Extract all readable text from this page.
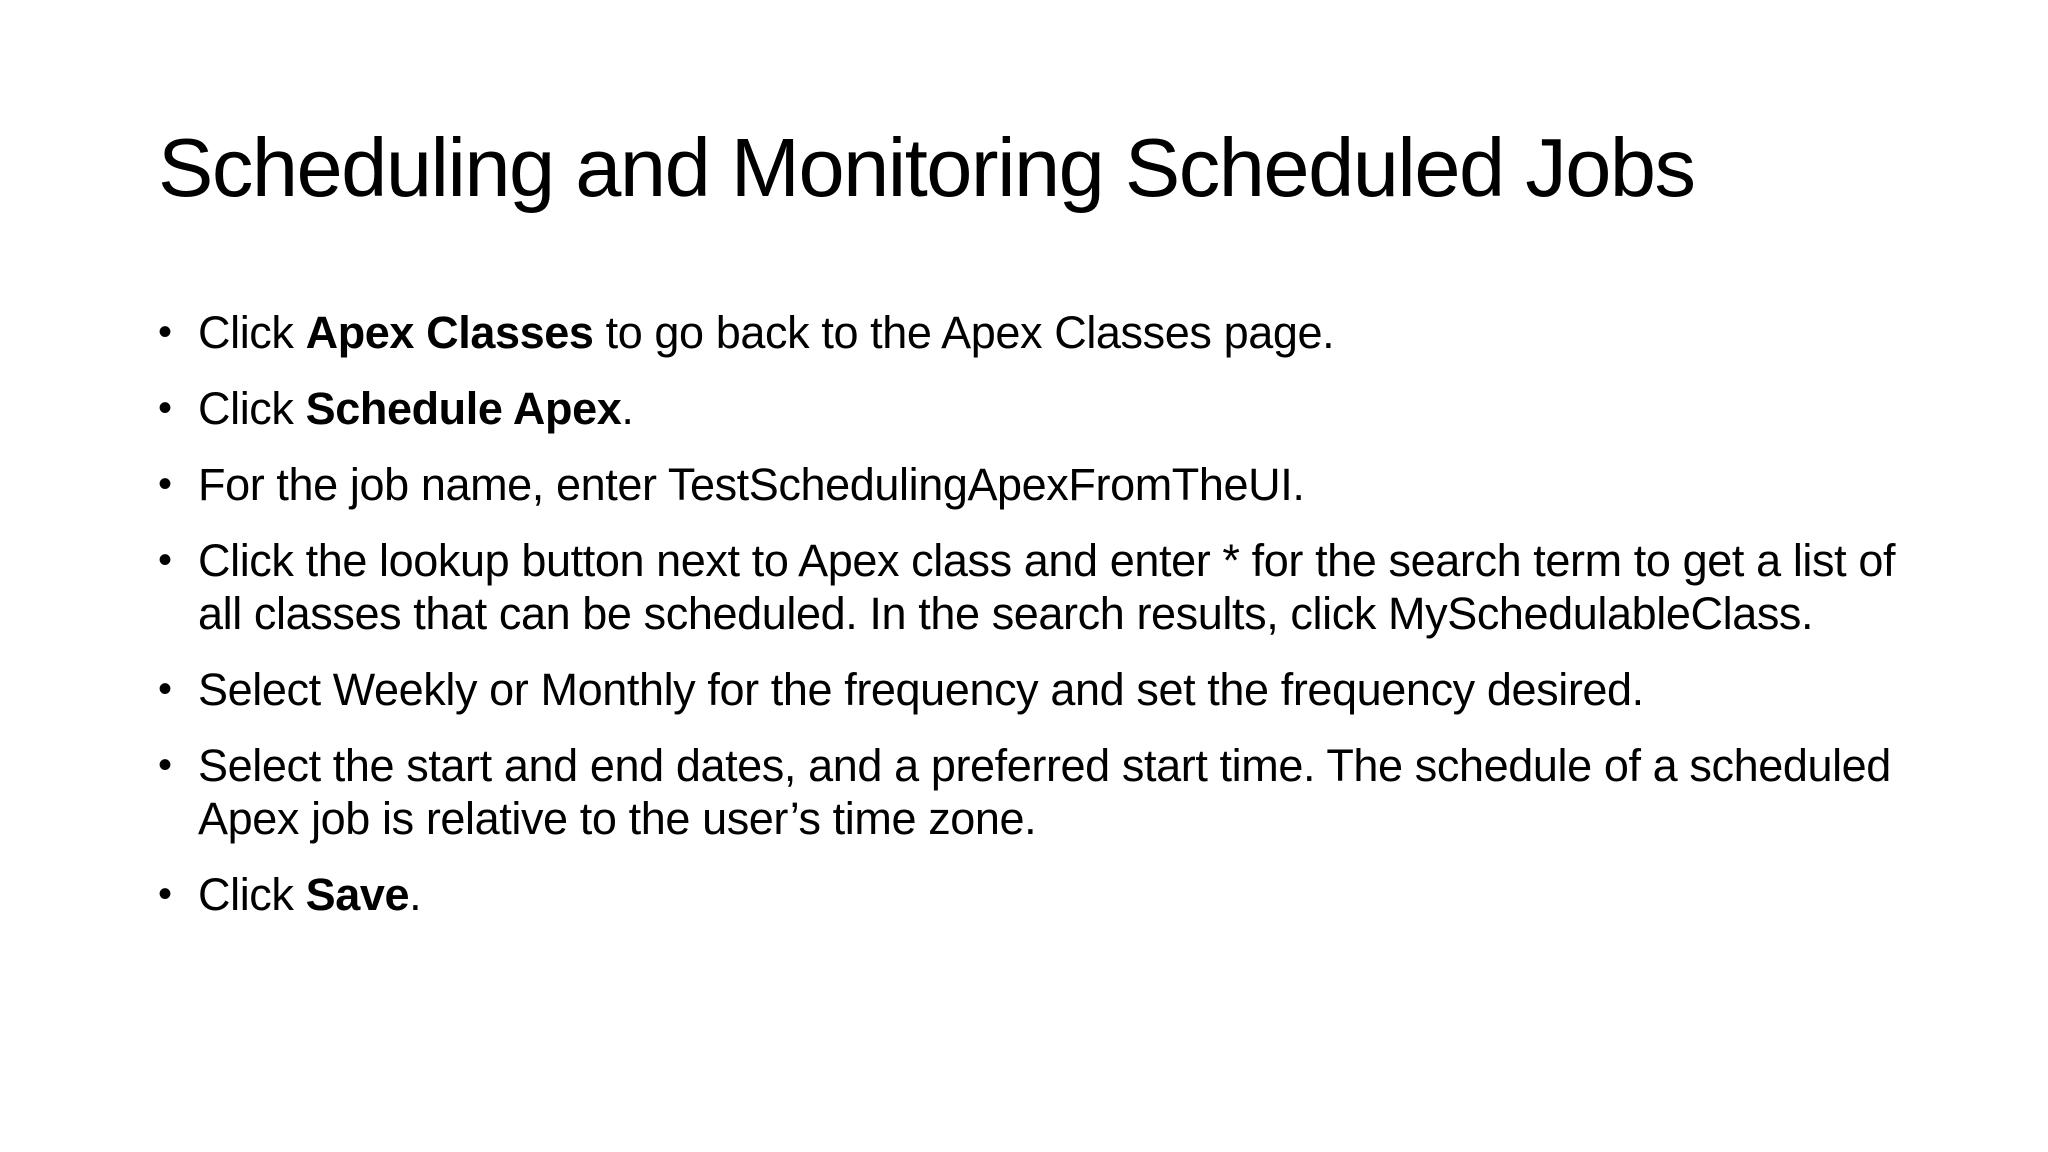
Scheduling and Monitoring Scheduled Jobs
• Click Apex Classes to go back to the Apex Classes page.
• Click Schedule Apex.
• For the job name, enter TestSchedulingApexFromTheUI.
• Click the lookup button next to Apex class and enter * for the search term to get a list of all classes that can be scheduled. In the search results, click MySchedulableClass.
• Select Weekly or Monthly for the frequency and set the frequency desired.
• Select the start and end dates, and a preferred start time. The schedule of a scheduled Apex job is relative to the user’s time zone.
• Click Save.
